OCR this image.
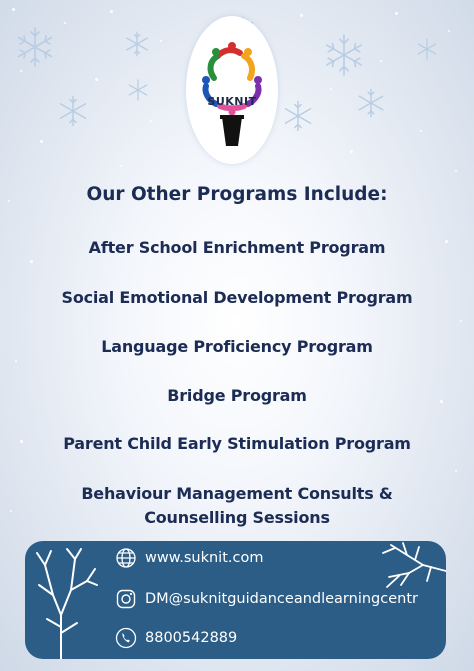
SUKNIT
Our Other Programs Include:
After School Enrichment Program
Social Emotional Development Program
Language Proficiency Program
Bridge Program
Parent Child Early Stimulation Program
Behaviour Management Consults &
Counselling Sessions
www.suknit.com
DM@suknitguidanceandlearningcentr
8800542889
